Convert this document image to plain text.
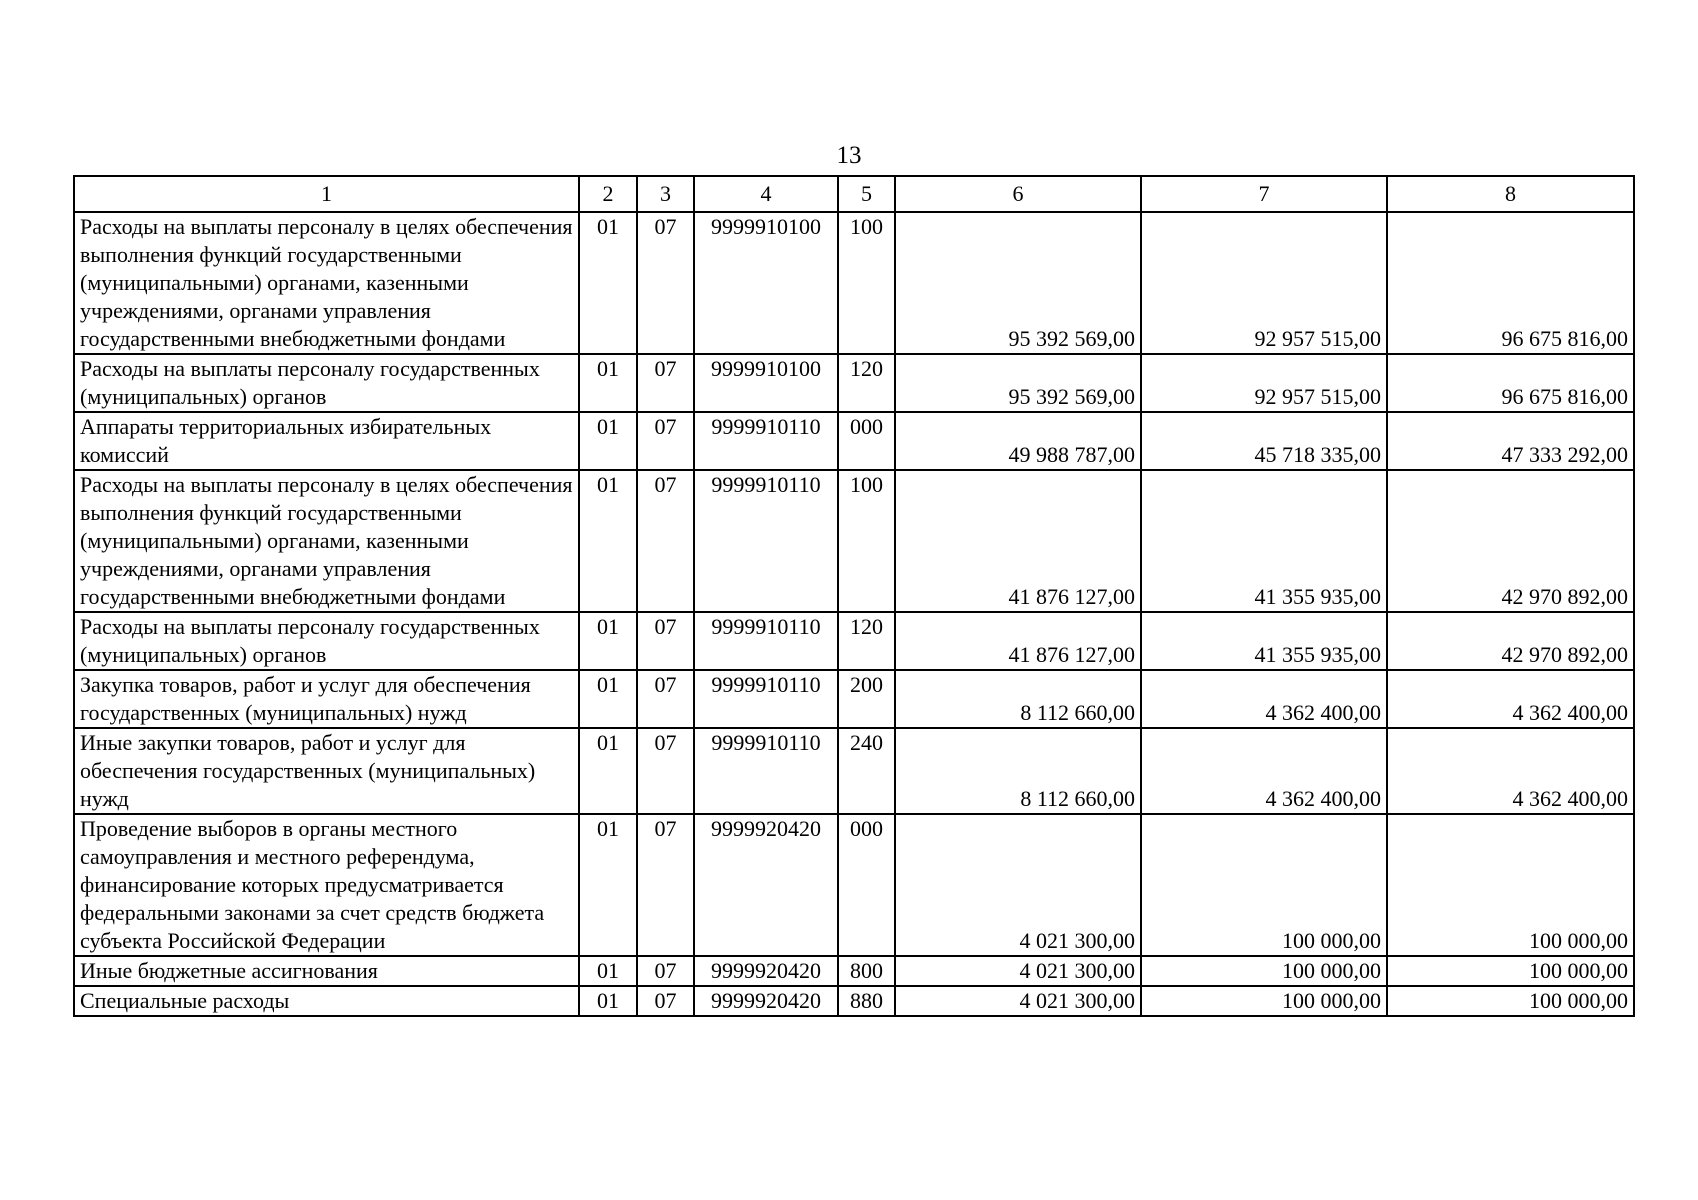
13
1	2	3	4	5	6	7	8
Расходы на выплаты персоналу в целях обеспечения выполнения функций государственными (муниципальными) органами, казенными учреждениями, органами управления государственными внебюджетными фондами	01	07	9999910100	100	95 392 569,00	92 957 515,00	96 675 816,00
Расходы на выплаты персоналу государственных (муниципальных) органов	01	07	9999910100	120	95 392 569,00	92 957 515,00	96 675 816,00
Аппараты территориальных избирательных комиссий	01	07	9999910110	000	49 988 787,00	45 718 335,00	47 333 292,00
Расходы на выплаты персоналу в целях обеспечения выполнения функций государственными (муниципальными) органами, казенными учреждениями, органами управления государственными внебюджетными фондами	01	07	9999910110	100	41 876 127,00	41 355 935,00	42 970 892,00
Расходы на выплаты персоналу государственных (муниципальных) органов	01	07	9999910110	120	41 876 127,00	41 355 935,00	42 970 892,00
Закупка товаров, работ и услуг для обеспечения государственных (муниципальных) нужд	01	07	9999910110	200	8 112 660,00	4 362 400,00	4 362 400,00
Иные закупки товаров, работ и услуг для обеспечения государственных (муниципальных) нужд	01	07	9999910110	240	8 112 660,00	4 362 400,00	4 362 400,00
Проведение выборов в органы местного самоуправления и местного референдума, финансирование которых предусматривается федеральными законами за счет средств бюджета субъекта Российской Федерации	01	07	9999920420	000	4 021 300,00	100 000,00	100 000,00
Иные бюджетные ассигнования	01	07	9999920420	800	4 021 300,00	100 000,00	100 000,00
Специальные расходы	01	07	9999920420	880	4 021 300,00	100 000,00	100 000,00
